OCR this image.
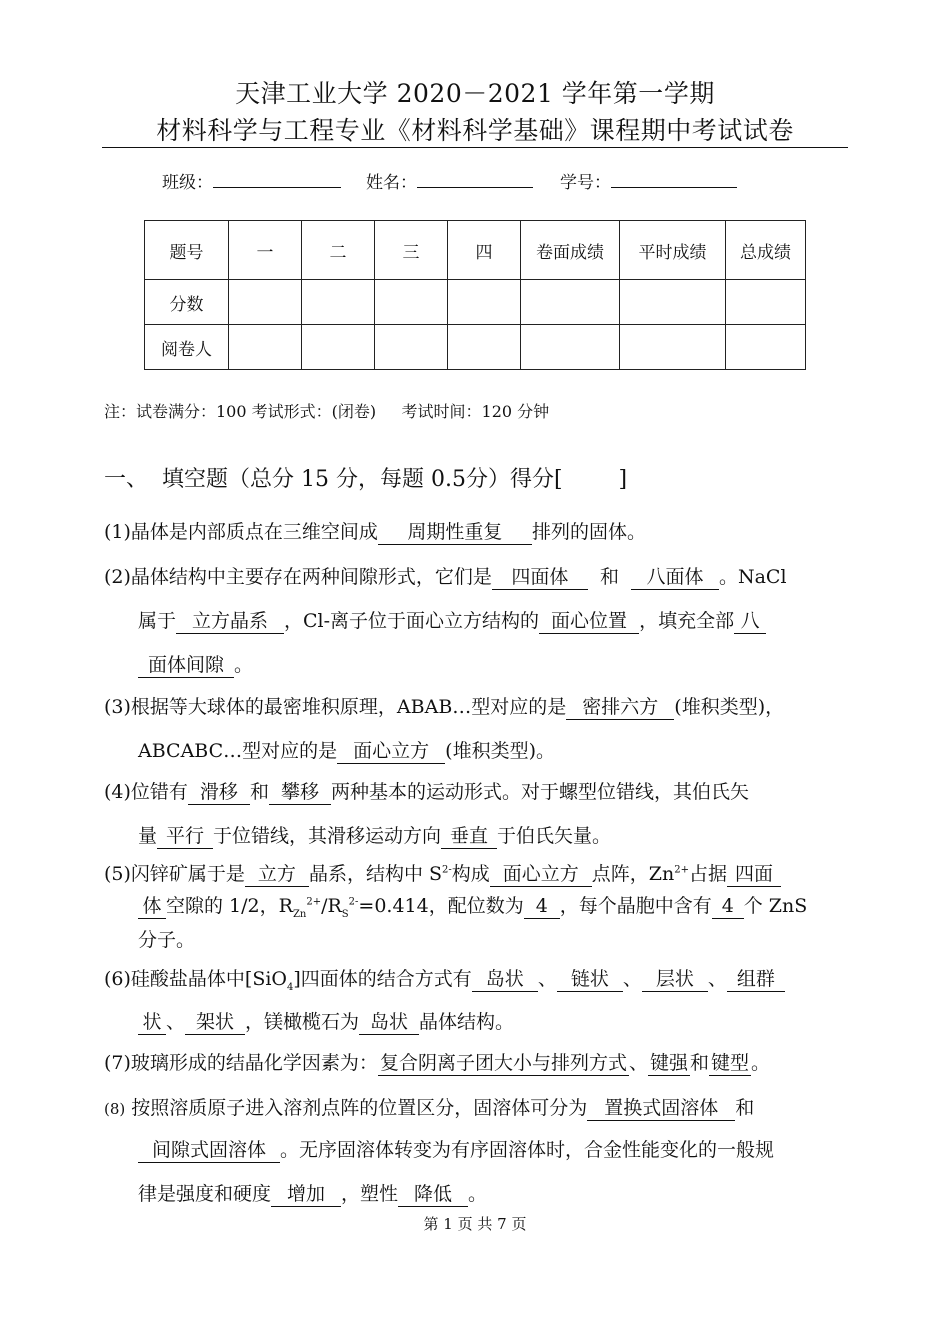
天津工业大学 2020－2021 学年第一学期
材料科学与工程专业《材料科学基础》课程期中考试试卷
班级：	姓名：	学号：
题号	一	二	三	四	卷面成绩	平时成绩	总成绩
分数							
阅卷人							
注：试卷满分：100 考试形式：(闭卷)     考试时间：120 分钟
一、  填空题（总分 15 分，每题 0.5分）得分[        ]
(1)晶体是内部质点在三维空间成 周期性重复 排列的固体。
(2)晶体结构中主要存在两种间隙形式，它们是 四面体 和 八面体 。NaCl
属于 立方晶系 ，Cl-离子位于面心立方结构的 面心位置 ，填充全部 八
面体间隙 。
(3)根据等大球体的最密堆积原理，ABAB…型对应的是 密排六方 (堆积类型)，
ABCABC…型对应的是 面心立方 (堆积类型)。
(4)位错有 滑移 和 攀移 两种基本的运动形式。对于螺型位错线，其伯氏矢
量 平行 于位错线，其滑移运动方向 垂直 于伯氏矢量。
(5)闪锌矿属于是 立方 晶系，结构中 $S^{2-}$构成 面心立方 点阵，$Zn^{2+}$占据 四面
体 空隙的 1/2，$R_{Zn}^{2+}/R_S^{2-}=0.414$，配位数为 4 ，每个晶胞中含有 4 个 ZnS
分子。
(6)硅酸盐晶体中[SiO$_4$]四面体的结合方式有 岛状 、 链状 、 层状 、 组群
状 、 架状 ，镁橄榄石为 岛状 晶体结构。
(7)玻璃形成的结晶化学因素为： 复合阴离子团大小与排列方式 、 键强 和 键型 。
(8) 按照溶质原子进入溶剂点阵的位置区分，固溶体可分为 置换式固溶体 和
间隙式固溶体 。无序固溶体转变为有序固溶体时，合金性能变化的一般规
律是强度和硬度 增加 ，塑性 降低 。
第 1 页 共 7 页
